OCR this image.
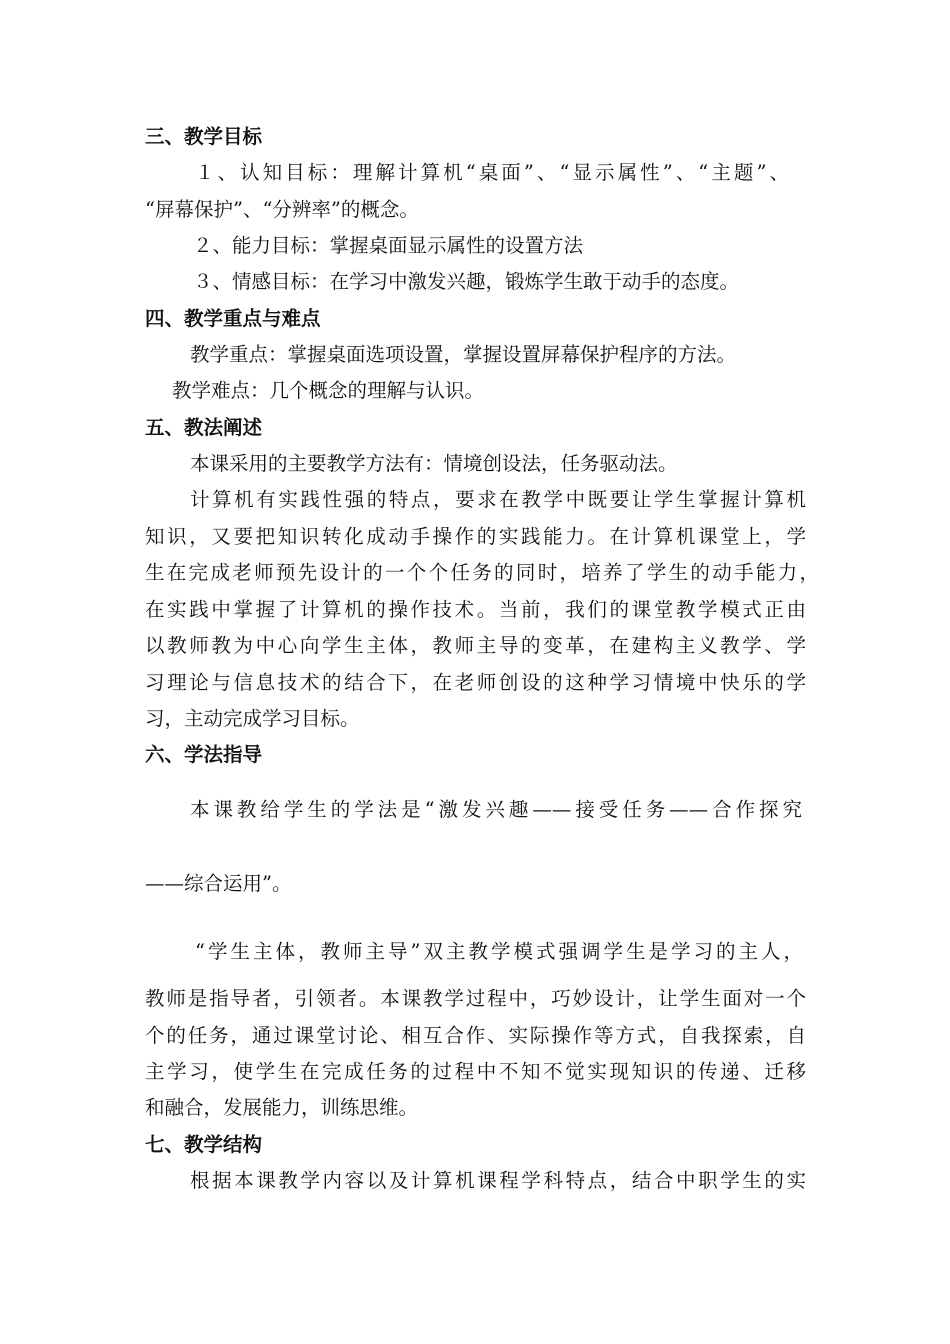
三、教学目标
１、认知目标：理解计算机“桌面”、“显示属性”、“主题”、
“屏幕保护”、“分辨率”的概念。
２、能力目标：掌握桌面显示属性的设置方法
３、情感目标：在学习中激发兴趣，锻炼学生敢于动手的态度。
四、教学重点与难点
教学重点：掌握桌面选项设置，掌握设置屏幕保护程序的方法。
教学难点：几个概念的理解与认识。
五、教法阐述
本课采用的主要教学方法有：情境创设法，任务驱动法。
计算机有实践性强的特点，要求在教学中既要让学生掌握计算机
知识，又要把知识转化成动手操作的实践能力。在计算机课堂上，学
生在完成老师预先设计的一个个任务的同时，培养了学生的动手能力，
在实践中掌握了计算机的操作技术。当前，我们的课堂教学模式正由
以教师教为中心向学生主体，教师主导的变革，在建构主义教学、学
习理论与信息技术的结合下，在老师创设的这种学习情境中快乐的学
习，主动完成学习目标。
六、学法指导
本课教给学生的学法是“激发兴趣——接受任务——合作探究
——综合运用”。
“学生主体，教师主导”双主教学模式强调学生是学习的主人，
教师是指导者，引领者。本课教学过程中，巧妙设计，让学生面对一个
个的任务，通过课堂讨论、相互合作、实际操作等方式，自我探索，自
主学习，使学生在完成任务的过程中不知不觉实现知识的传递、迁移
和融合，发展能力，训练思维。
七、教学结构
根据本课教学内容以及计算机课程学科特点，结合中职学生的实
